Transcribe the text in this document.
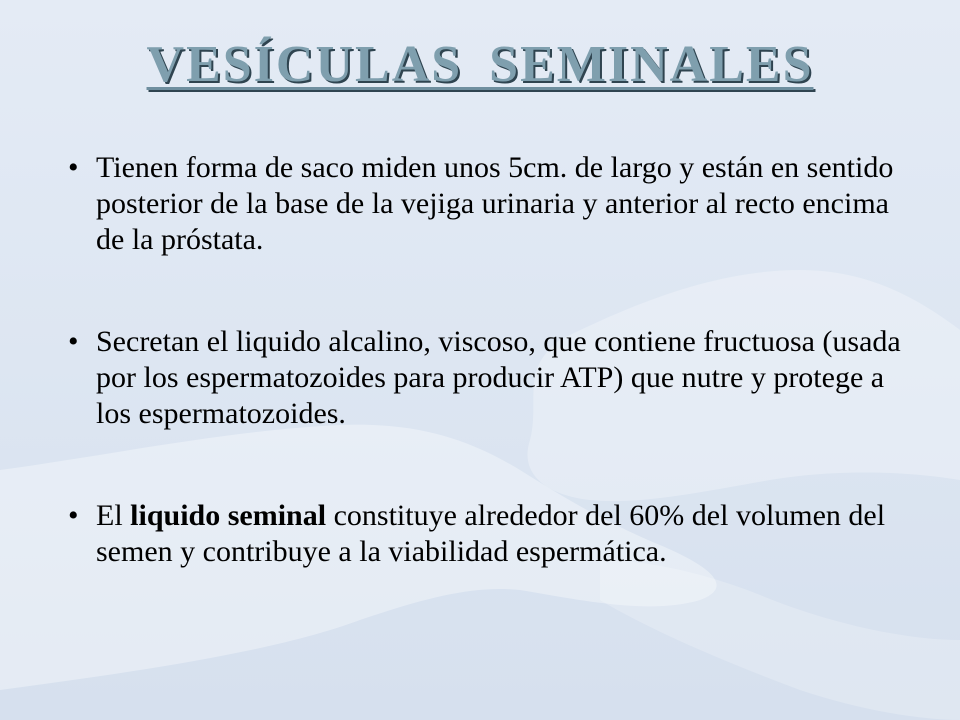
VESÍCULAS SEMINALES
• Tienen forma de saco miden unos 5cm. de largo y están en sentido posterior de la base de la vejiga urinaria y anterior al recto encima de la próstata.
• Secretan el liquido alcalino, viscoso, que contiene fructuosa (usada por los espermatozoides para producir ATP) que nutre y protege a los espermatozoides.
• El liquido seminal constituye alrededor del 60% del volumen del semen y contribuye a la viabilidad espermática.
